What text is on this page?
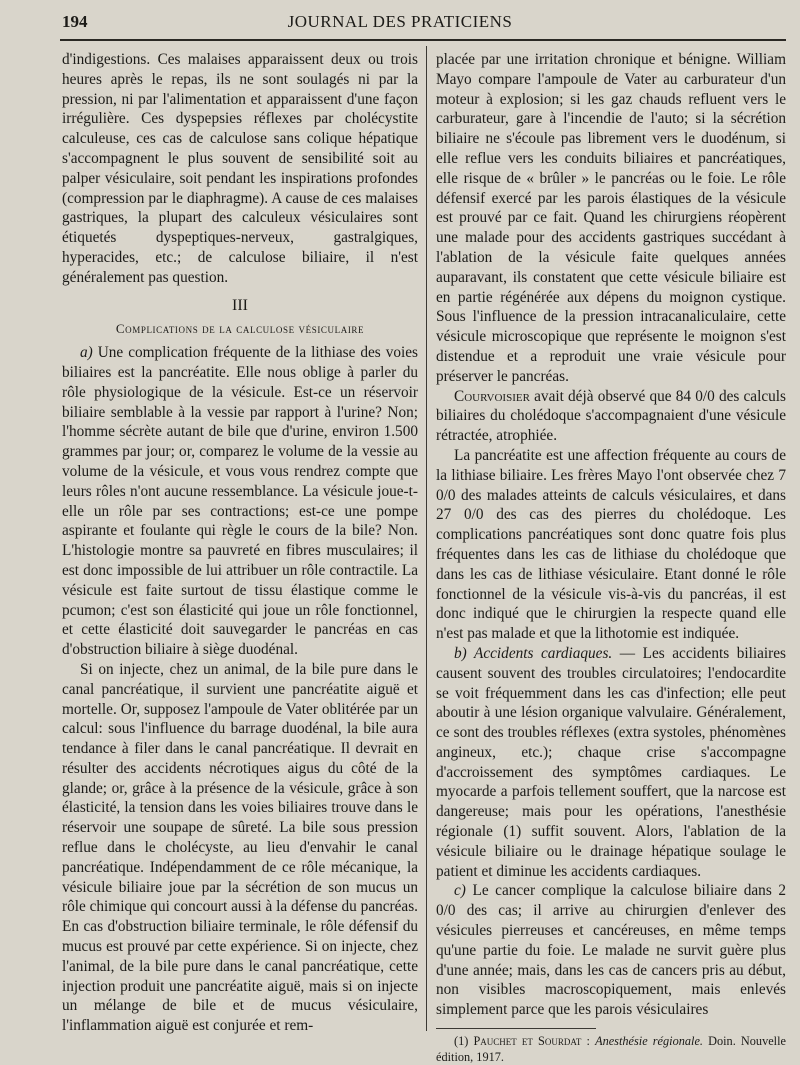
194	JOURNAL DES PRATICIENS

d'indigestions. Ces malaises apparaissent deux ou trois heures après le repas, ils ne sont soulagés ni par la pression, ni par l'alimentation et apparaissent d'une façon irrégulière. Ces dyspepsies réflexes par cholécystite calculeuse, ces cas de calculose sans colique hépatique s'accompagnent le plus souvent de sensibilité soit au palper vésiculaire, soit pendant les inspirations profondes (compression par le diaphragme). A cause de ces malaises gastriques, la plupart des calculeux vésiculaires sont étiquetés dyspeptiques-nerveux, gastralgiques, hyperacides, etc.; de calculose biliaire, il n'est généralement pas question.

III
Complications de la calculose vésiculaire

a) Une complication fréquente de la lithiase des voies biliaires est la pancréatite. Elle nous oblige à parler du rôle physiologique de la vésicule. Est-ce un réservoir biliaire semblable à la vessie par rapport à l'urine? Non; l'homme sécrète autant de bile que d'urine, environ 1.500 grammes par jour; or, comparez le volume de la vessie au volume de la vésicule, et vous vous rendrez compte que leurs rôles n'ont aucune ressemblance. La vésicule joue-t-elle un rôle par ses contractions; est-ce une pompe aspirante et foulante qui règle le cours de la bile? Non. L'histologie montre sa pauvreté en fibres musculaires; il est donc impossible de lui attribuer un rôle contractile. La vésicule est faite surtout de tissu élastique comme le pcumon; c'est son élasticité qui joue un rôle fonctionnel, et cette élasticité doit sauvegarder le pancréas en cas d'obstruction biliaire à siège duodénal.

Si on injecte, chez un animal, de la bile pure dans le canal pancréatique, il survient une pancréatite aiguë et mortelle. Or, supposez l'ampoule de Vater oblitérée par un calcul: sous l'influence du barrage duodénal, la bile aura tendance à filer dans le canal pancréatique. Il devrait en résulter des accidents nécrotiques aigus du côté de la glande; or, grâce à la présence de la vésicule, grâce à son élasticité, la tension dans les voies biliaires trouve dans le réservoir une soupape de sûreté. La bile sous pression reflue dans le cholécyste, au lieu d'envahir le canal pancréatique. Indépendamment de ce rôle mécanique, la vésicule biliaire joue par la sécrétion de son mucus un rôle chimique qui concourt aussi à la défense du pancréas. En cas d'obstruction biliaire terminale, le rôle défensif du mucus est prouvé par cette expérience. Si on injecte, chez l'animal, de la bile pure dans le canal pancréatique, cette injection produit une pancréatite aiguë, mais si on injecte un mélange de bile et de mucus vésiculaire, l'inflammation aiguë est conjurée et rem-

placée par une irritation chronique et bénigne. William Mayo compare l'ampoule de Vater au carburateur d'un moteur à explosion; si les gaz chauds refluent vers le carburateur, gare à l'incendie de l'auto; si la sécrétion biliaire ne s'écoule pas librement vers le duodénum, si elle reflue vers les conduits biliaires et pancréatiques, elle risque de « brûler » le pancréas ou le foie. Le rôle défensif exercé par les parois élastiques de la vésicule est prouvé par ce fait. Quand les chirurgiens réopèrent une malade pour des accidents gastriques succédant à l'ablation de la vésicule faite quelques années auparavant, ils constatent que cette vésicule biliaire est en partie régénérée aux dépens du moignon cystique. Sous l'influence de la pression intracanaliculaire, cette vésicule microscopique que représente le moignon s'est distendue et a reproduit une vraie vésicule pour préserver le pancréas.

Courvoisier avait déjà observé que 84 0/0 des calculs biliaires du cholédoque s'accompagnaient d'une vésicule rétractée, atrophiée.

La pancréatite est une affection fréquente au cours de la lithiase biliaire. Les frères Mayo l'ont observée chez 7 0/0 des malades atteints de calculs vésiculaires, et dans 27 0/0 des cas des pierres du cholédoque. Les complications pancréatiques sont donc quatre fois plus fréquentes dans les cas de lithiase du cholédoque que dans les cas de lithiase vésiculaire. Etant donné le rôle fonctionnel de la vésicule vis-à-vis du pancréas, il est donc indiqué que le chirurgien la respecte quand elle n'est pas malade et que la lithotomie est indiquée.

b) Accidents cardiaques. — Les accidents biliaires causent souvent des troubles circulatoires; l'endocardite se voit fréquemment dans les cas d'infection; elle peut aboutir à une lésion organique valvulaire. Généralement, ce sont des troubles réflexes (extra systoles, phénomènes angineux, etc.); chaque crise s'accompagne d'accroissement des symptômes cardiaques. Le myocarde a parfois tellement souffert, que la narcose est dangereuse; mais pour les opérations, l'anesthésie régionale (1) suffit souvent. Alors, l'ablation de la vésicule biliaire ou le drainage hépatique soulage le patient et diminue les accidents cardiaques.

c) Le cancer complique la calculose biliaire dans 2 0/0 des cas; il arrive au chirurgien d'enlever des vésicules pierreuses et cancéreuses, en même temps qu'une partie du foie. Le malade ne survit guère plus d'une année; mais, dans les cas de cancers pris au début, non visibles macroscopiquement, mais enlevés simplement parce que les parois vésiculaires

(1) Pauchet et Sourdat : Anesthésie régionale. Doin. Nouvelle édition, 1917.
